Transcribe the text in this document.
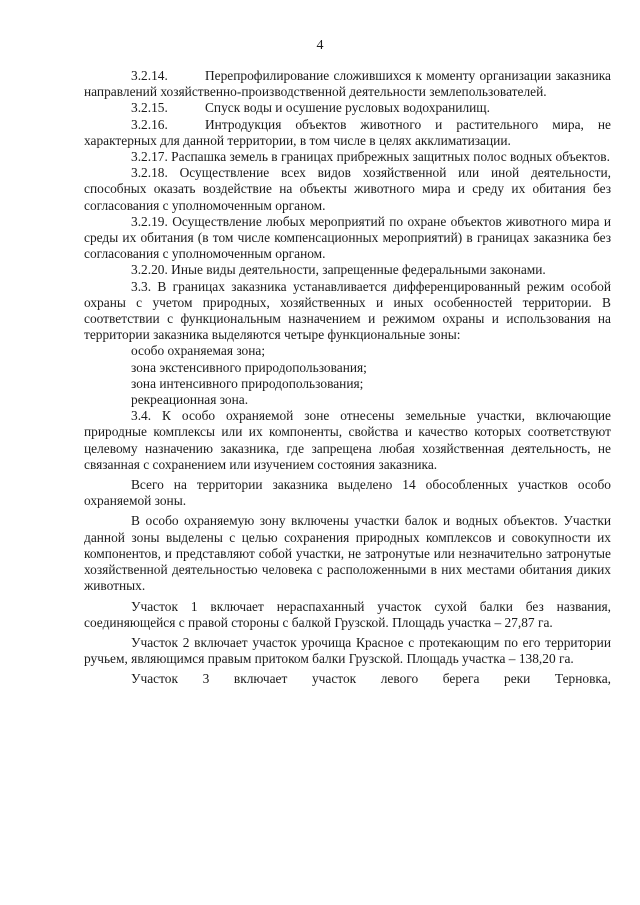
4

3.2.14.	Перепрофилирование сложившихся к моменту организации заказника направлений хозяйственно-производственной деятельности землепользователей.

3.2.15.	Спуск воды и осушение русловых водохранилищ.

3.2.16.	Интродукция объектов животного и растительного мира, не характерных для данной территории, в том числе в целях акклиматизации.

3.2.17. Распашка земель в границах прибрежных защитных полос водных объектов.

3.2.18. Осуществление всех видов хозяйственной или иной деятельности, способных оказать воздействие на объекты животного мира и среду их обитания без согласования с уполномоченным органом.

3.2.19. Осуществление любых мероприятий по охране объектов животного мира и среды их обитания (в том числе компенсационных мероприятий) в границах заказника без согласования с уполномоченным органом.

3.2.20. Иные виды деятельности, запрещенные федеральными законами.

3.3. В границах заказника устанавливается дифференцированный режим особой охраны с учетом природных, хозяйственных и иных особенностей территории. В соответствии с функциональным назначением и режимом охраны и использования на территории заказника выделяются четыре функциональные зоны:

особо охраняемая зона;

зона экстенсивного природопользования;

зона интенсивного природопользования;

рекреационная зона.

3.4. К особо охраняемой зоне отнесены земельные участки, включающие природные комплексы или их компоненты, свойства и качество которых соответствуют целевому назначению заказника, где запрещена любая хозяйственная деятельность, не связанная с сохранением или изучением состояния заказника.

Всего на территории заказника выделено 14 обособленных участков особо охраняемой зоны.

В особо охраняемую зону включены участки балок и водных объектов. Участки данной зоны выделены с целью сохранения природных комплексов и совокупности их компонентов, и представляют собой участки, не затронутые или незначительно затронутые хозяйственной деятельностью человека с расположенными в них местами обитания диких животных.

Участок 1 включает нераспаханный участок сухой балки без названия, соединяющейся с правой стороны с балкой Грузской. Площадь участка – 27,87 га.

Участок 2 включает участок урочища Красное с протекающим по его территории ручьем, являющимся правым притоком балки Грузской. Площадь участка – 138,20 га.

Участок 3 включает участок левого берега реки Терновка,
